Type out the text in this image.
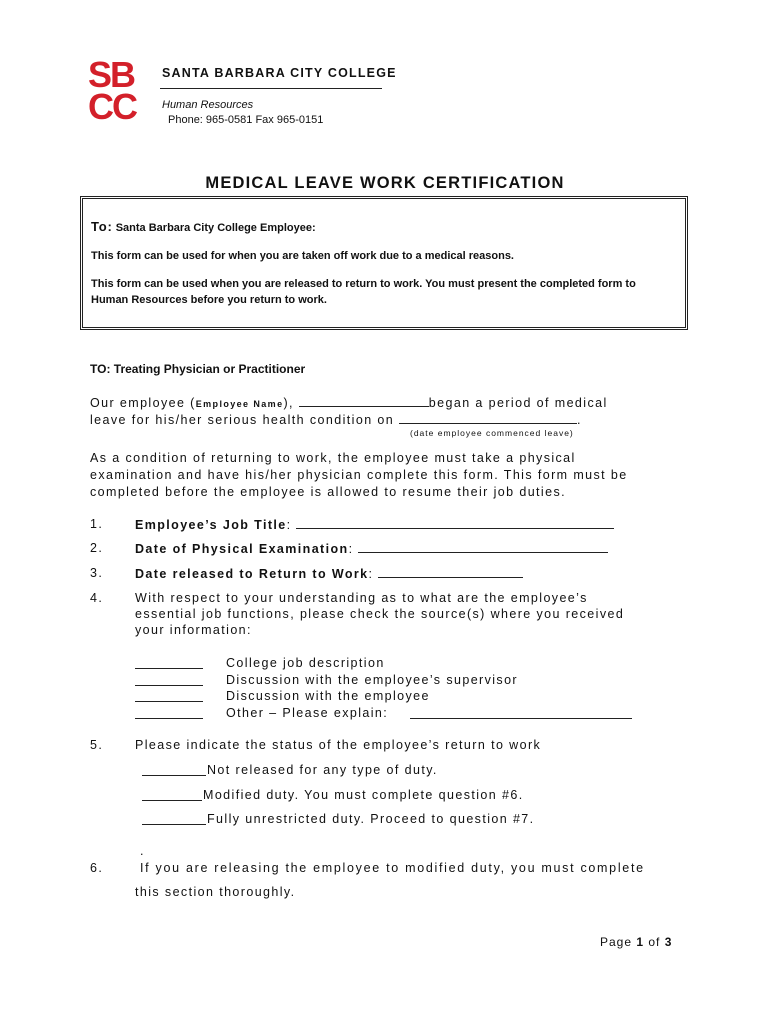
SB
CC
SANTA BARBARA CITY COLLEGE
Human Resources
Phone: 965-0581 Fax 965-0151
MEDICAL LEAVE WORK CERTIFICATION

To: Santa Barbara City College Employee:

This form can be used for when you are taken off work due to a medical reasons.

This form can be used when you are released to return to work. You must present the completed form to Human Resources before you return to work.

TO: Treating Physician or Practitioner
Our employee (Employee Name),	began a period of medical
leave for his/her serious health condition on	.
(date employee commenced leave)
As a condition of returning to work, the employee must take a physical
examination and have his/her physician complete this form. This form must be
completed before the employee is allowed to resume their job duties.
1.	Employee’s Job Title:
2.	Date of Physical Examination:
3.	Date released to Return to Work:
4.	With respect to your understanding as to what are the employee’s
essential job functions, please check the source(s) where you received
your information:
College job description
Discussion with the employee’s supervisor
Discussion with the employee
Other – Please explain:
5.	Please indicate the status of the employee’s return to work
Not released for any type of duty.
Modified duty. You must complete question #6.
Fully unrestricted duty. Proceed to question #7.
.
6.	If you are releasing the employee to modified duty, you must complete
this section thoroughly.
Page 1 of 3
